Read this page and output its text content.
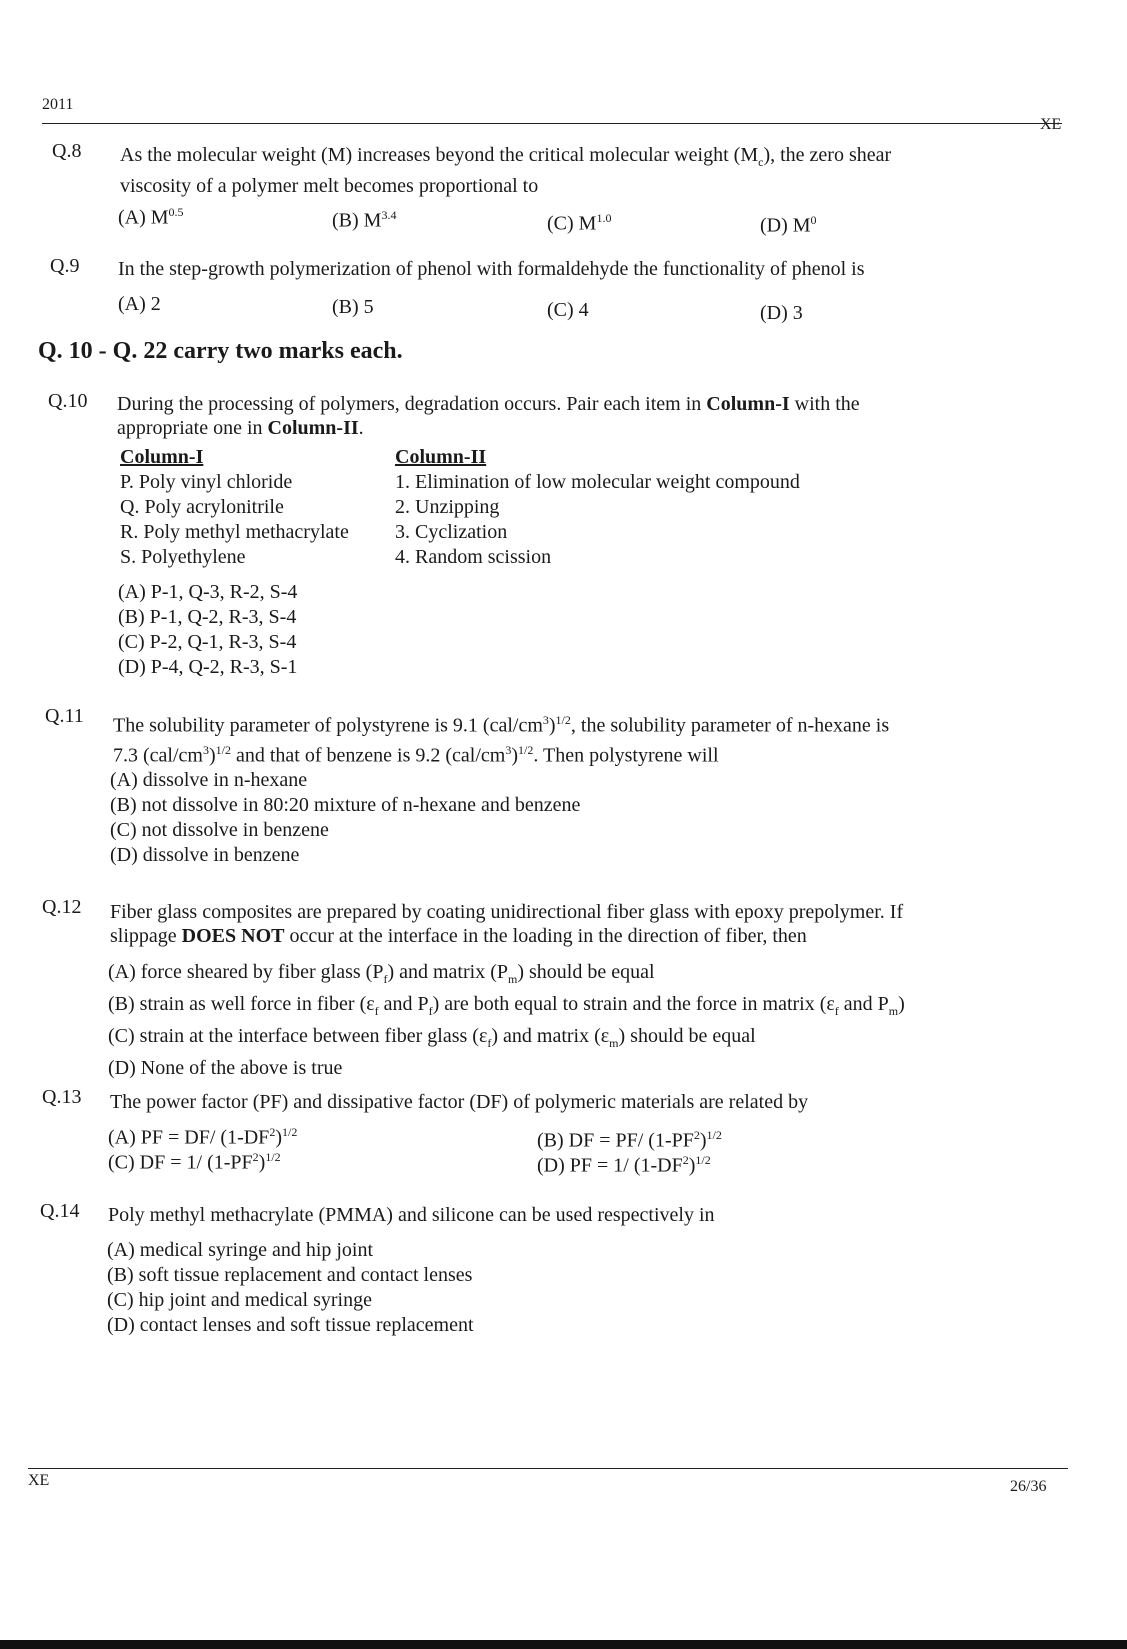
2011
XE
Q.8 As the molecular weight (M) increases beyond the critical molecular weight $(M_c)$, the zero shear
viscosity of a polymer melt becomes proportional to
(A) $M^{0.5}$	(B) $M^{3.4}$	(C) $M^{1.0}$	(D) $M^0$
Q.9 In the step-growth polymerization of phenol with formaldehyde the functionality of phenol is
(A) 2	(B) 5	(C) 4	(D) 3
Q. 10 - Q. 22 carry two marks each.
Q.10 During the processing of polymers, degradation occurs. Pair each item in Column-I with the
appropriate one in Column-II.
Column-I	Column-II
P. Poly vinyl chloride	1. Elimination of low molecular weight compound
Q. Poly acrylonitrile	2. Unzipping
R. Poly methyl methacrylate	3. Cyclization
S. Polyethylene	4. Random scission
(A) P-1, Q-3, R-2, S-4
(B) P-1, Q-2, R-3, S-4
(C) P-2, Q-1, R-3, S-4
(D) P-4, Q-2, R-3, S-1
Q.11 The solubility parameter of polystyrene is 9.1 $(cal/cm^3)^{1/2}$, the solubility parameter of n-hexane is
7.3 $(cal/cm^3)^{1/2}$ and that of benzene is 9.2 $(cal/cm^3)^{1/2}$. Then polystyrene will
(A) dissolve in n-hexane
(B) not dissolve in 80:20 mixture of n-hexane and benzene
(C) not dissolve in benzene
(D) dissolve in benzene
Q.12 Fiber glass composites are prepared by coating unidirectional fiber glass with epoxy prepolymer. If
slippage DOES NOT occur at the interface in the loading in the direction of fiber, then
(A) force sheared by fiber glass $(P_f)$ and matrix $(P_m)$ should be equal
(B) strain as well force in fiber ($\varepsilon_f$ and $P_f$) are both equal to strain and the force in matrix ($\varepsilon_f$ and $P_m$)
(C) strain at the interface between fiber glass $(\varepsilon_f)$ and matrix $(\varepsilon_m)$ should be equal
(D) None of the above is true
Q.13 The power factor (PF) and dissipative factor (DF) of polymeric materials are related by
(A) PF = DF/ $(1-DF^2)^{1/2}$	(B) DF = PF/ $(1-PF^2)^{1/2}$
(C) DF = 1/ $(1-PF^2)^{1/2}$	(D) PF = 1/ $(1-DF^2)^{1/2}$
Q.14 Poly methyl methacrylate (PMMA) and silicone can be used respectively in
(A) medical syringe and hip joint
(B) soft tissue replacement and contact lenses
(C) hip joint and medical syringe
(D) contact lenses and soft tissue replacement
XE	26/36
